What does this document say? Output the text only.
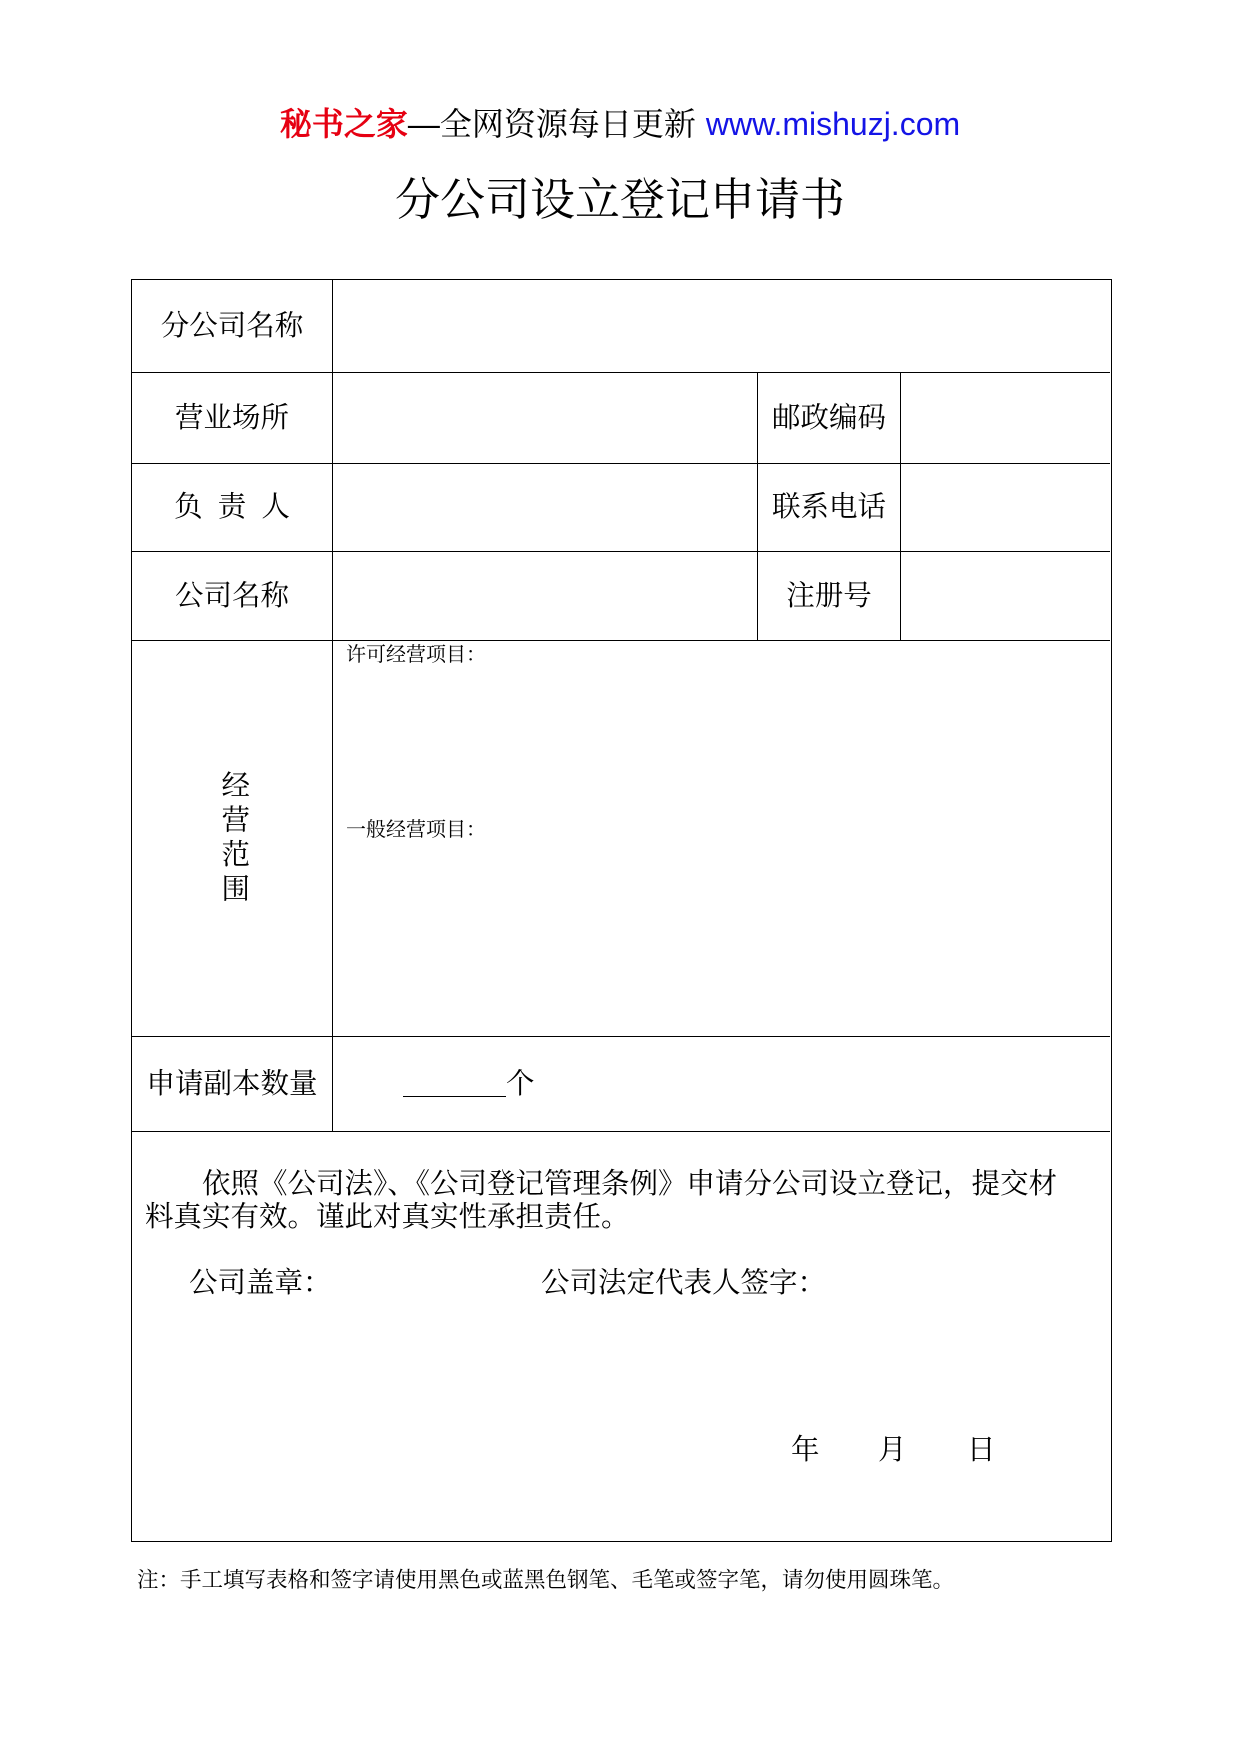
秘书之家—全网资源每日更新 www.mishuzj.com
分公司设立登记申请书
分公司名称
营业场所	邮政编码
负 责 人	联系电话
公司名称	注册号
经营范围
许可经营项目：
一般经营项目：
申请副本数量	个

依照《公司法》、《公司登记管理条例》申请分公司设立登记，提交材料真实有效。谨此对真实性承担责任。

公司盖章：	公司法定代表人签字：
年 月 日

注：手工填写表格和签字请使用黑色或蓝黑色钢笔、毛笔或签字笔，请勿使用圆珠笔。
